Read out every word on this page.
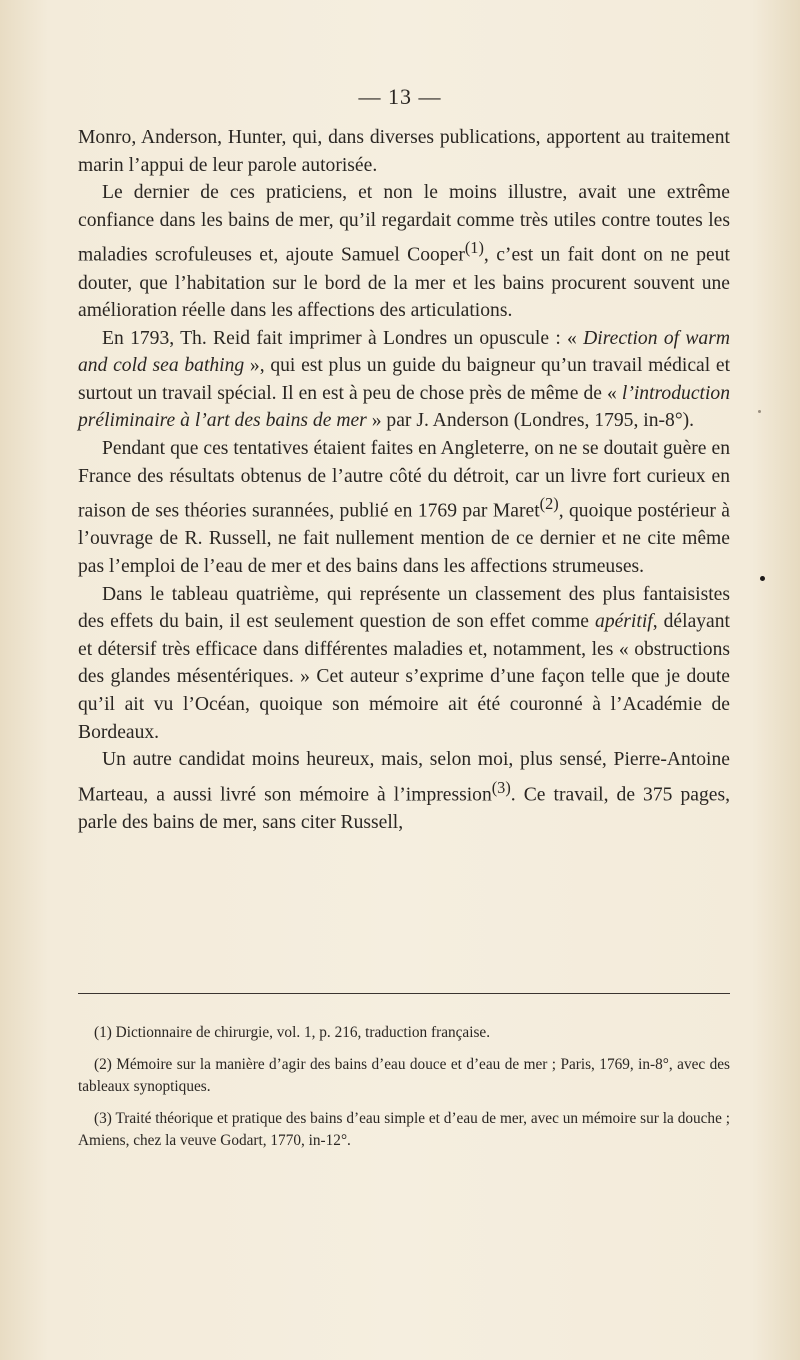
— 13 —

Monro, Anderson, Hunter, qui, dans diverses publications, apportent au traitement marin l’appui de leur parole autorisée.

Le dernier de ces praticiens, et non le moins illustre, avait une extrême confiance dans les bains de mer, qu’il regardait comme très utiles contre toutes les maladies scrofuleuses et, ajoute Samuel Cooper$^{(1)}$, c’est un fait dont on ne peut douter, que l’habitation sur le bord de la mer et les bains procurent souvent une amélioration réelle dans les affections des articulations.

En 1793, Th. Reid fait imprimer à Londres un opuscule : « Direction of warm and cold sea bathing », qui est plus un guide du baigneur qu’un travail médical et surtout un travail spécial. Il en est à peu de chose près de même de « l’introduction préliminaire à l’art des bains de mer » par J. Anderson (Londres, 1795, in-8°).

Pendant que ces tentatives étaient faites en Angleterre, on ne se doutait guère en France des résultats obtenus de l’autre côté du détroit, car un livre fort curieux en raison de ses théories surannées, publié en 1769 par Maret$^{(2)}$, quoique postérieur à l’ouvrage de R. Russell, ne fait nullement mention de ce dernier et ne cite même pas l’emploi de l’eau de mer et des bains dans les affections strumeuses.

Dans le tableau quatrième, qui représente un classement des plus fantaisistes des effets du bain, il est seulement question de son effet comme apéritif, délayant et détersif très efficace dans différentes maladies et, notamment, les « obstructions des glandes mésentériques. » Cet auteur s’exprime d’une façon telle que je doute qu’il ait vu l’Océan, quoique son mémoire ait été couronné à l’Académie de Bordeaux.

Un autre candidat moins heureux, mais, selon moi, plus sensé, Pierre-Antoine Marteau, a aussi livré son mémoire à l’impression$^{(3)}$. Ce travail, de 375 pages, parle des bains de mer, sans citer Russell,

(1) Dictionnaire de chirurgie, vol. 1, p. 216, traduction française.

(2) Mémoire sur la manière d’agir des bains d’eau douce et d’eau de mer ; Paris, 1769, in-8°, avec des tableaux synoptiques.

(3) Traité théorique et pratique des bains d’eau simple et d’eau de mer, avec un mémoire sur la douche ; Amiens, chez la veuve Godart, 1770, in-12°.
